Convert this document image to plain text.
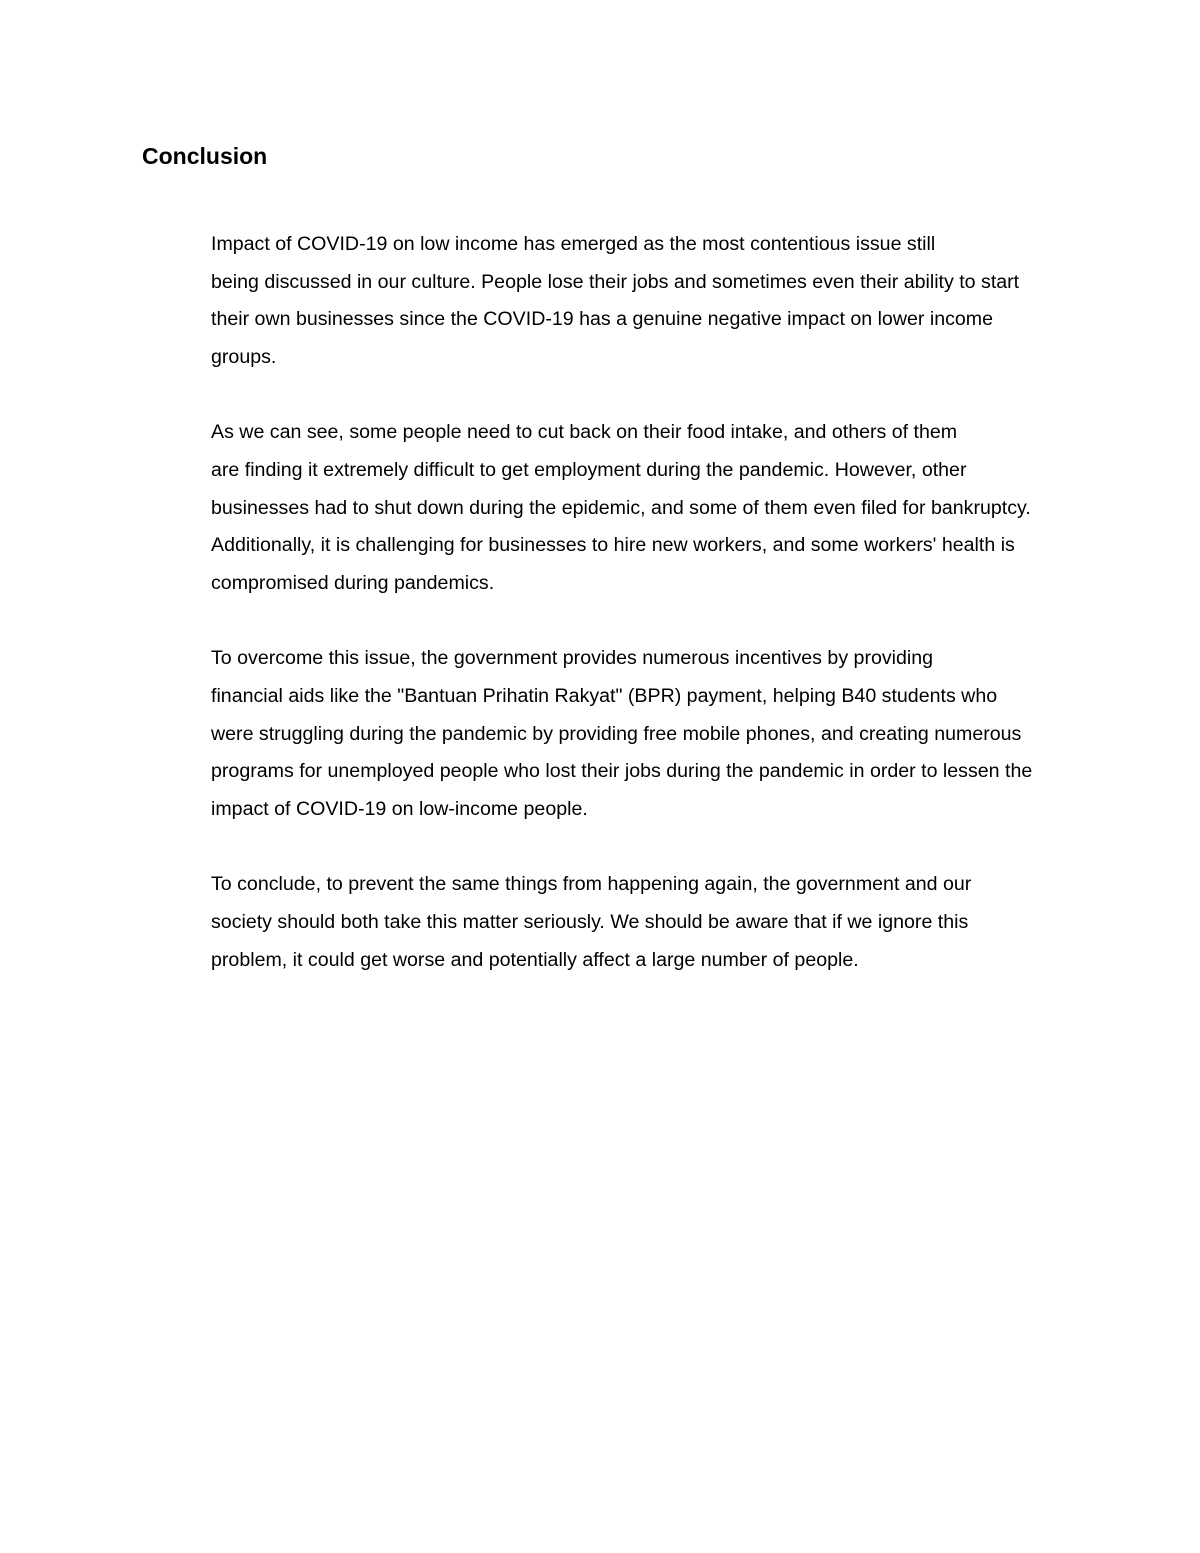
Conclusion

Impact of COVID-19 on low income has emerged as the most contentious issue still
being discussed in our culture. People lose their jobs and sometimes even their ability to start
their own businesses since the COVID-19 has a genuine negative impact on lower income
groups.

As we can see, some people need to cut back on their food intake, and others of them
are finding it extremely difficult to get employment during the pandemic. However, other
businesses had to shut down during the epidemic, and some of them even filed for bankruptcy.
Additionally, it is challenging for businesses to hire new workers, and some workers' health is
compromised during pandemics.

To overcome this issue, the government provides numerous incentives by providing
financial aids like the "Bantuan Prihatin Rakyat" (BPR) payment, helping B40 students who
were struggling during the pandemic by providing free mobile phones, and creating numerous
programs for unemployed people who lost their jobs during the pandemic in order to lessen the
impact of COVID-19 on low-income people.

To conclude, to prevent the same things from happening again, the government and our
society should both take this matter seriously. We should be aware that if we ignore this
problem, it could get worse and potentially affect a large number of people.
